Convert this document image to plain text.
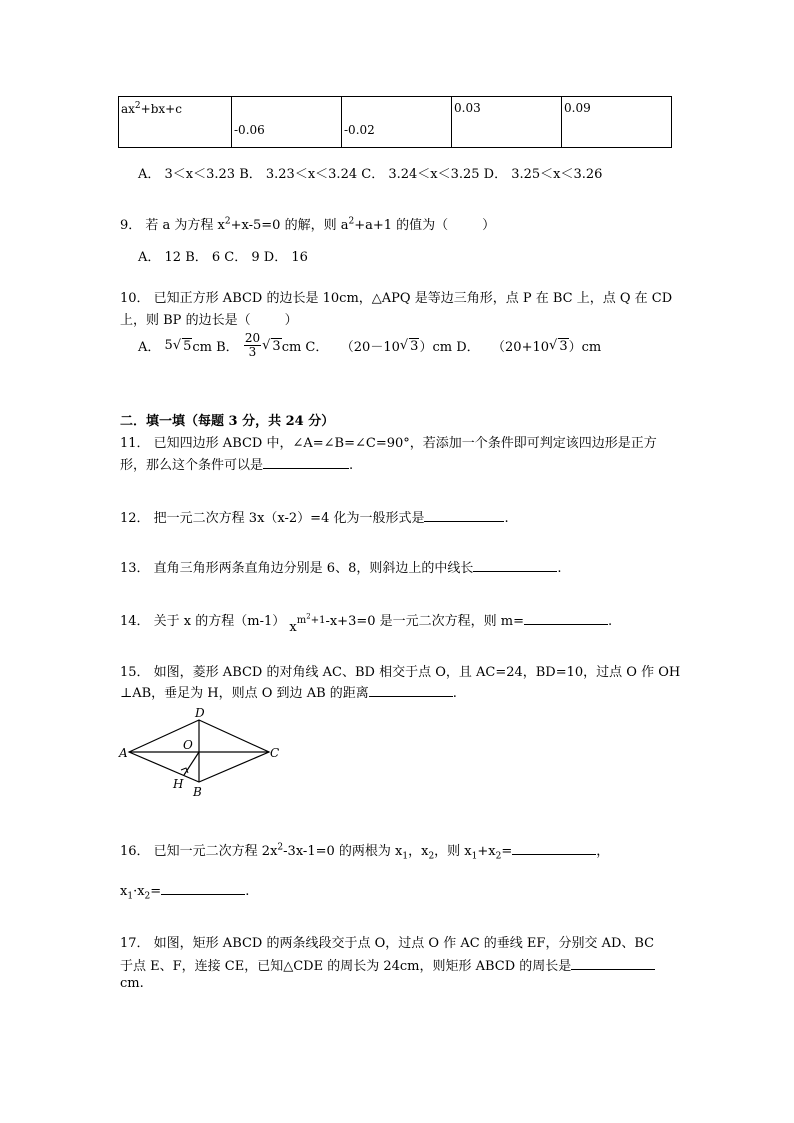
$ax^2+bx+c$	-0.06	-0.02	0.03	0.09
A． 3＜x＜3.23 B． 3.23＜x＜3.24 C． 3.24＜x＜3.25 D． 3.25＜x＜3.26
9． 若 a 为方程 $x^2+x-5=0$ 的解，则 $a^2+a+1$ 的值为（	）
A． 12 B． 6 C． 9 D． 16
10． 已知正方形 ABCD 的边长是 10cm，△APQ 是等边三角形，点 P 在 BC 上，点 Q 在 CD
上，则 BP 的边长是（	）
A．
5 √ 5 cm B．
$\frac{20}{3}$ √ 3 cm C．
（20－10 √ 3 ）cm D．
（20+10 √ 3 ）cm
二．填一填（每题 3 分，共 24 分）
11． 已知四边形 ABCD 中，∠A=∠B=∠C=90°，若添加一个条件即可判定该四边形是正方
形，那么这个条件可以是	.
12． 把一元二次方程 3x（x-2）=4 化为一般形式是	.
13． 直角三角形两条直角边分别是 6、8，则斜边上的中线长	.
14． 关于 x 的方程（m-1） $xm^2+1-x+3=0$ 是一元二次方程，则 m=	.
15． 如图，菱形 ABCD 的对角线 AC、BD 相交于点 O，且 AC=24，BD=10，过点 O 作 OH
⊥AB，垂足为 H，则点 O 到边 AB 的距离	.
D
A	C
O
H
B
16． 已知一元二次方程 $2x^2-3x-1=0$ 的两根为 $x_1$，$x_2$，则 $x_1+x_2=$	，
$x_1\cdot x_2=$	.
17． 如图，矩形 ABCD 的两条线段交于点 O，过点 O 作 AC 的垂线 EF，分别交 AD、BC
于点 E、F，连接 CE，已知△CDE 的周长为 24cm，则矩形 ABCD 的周长是
cm.
